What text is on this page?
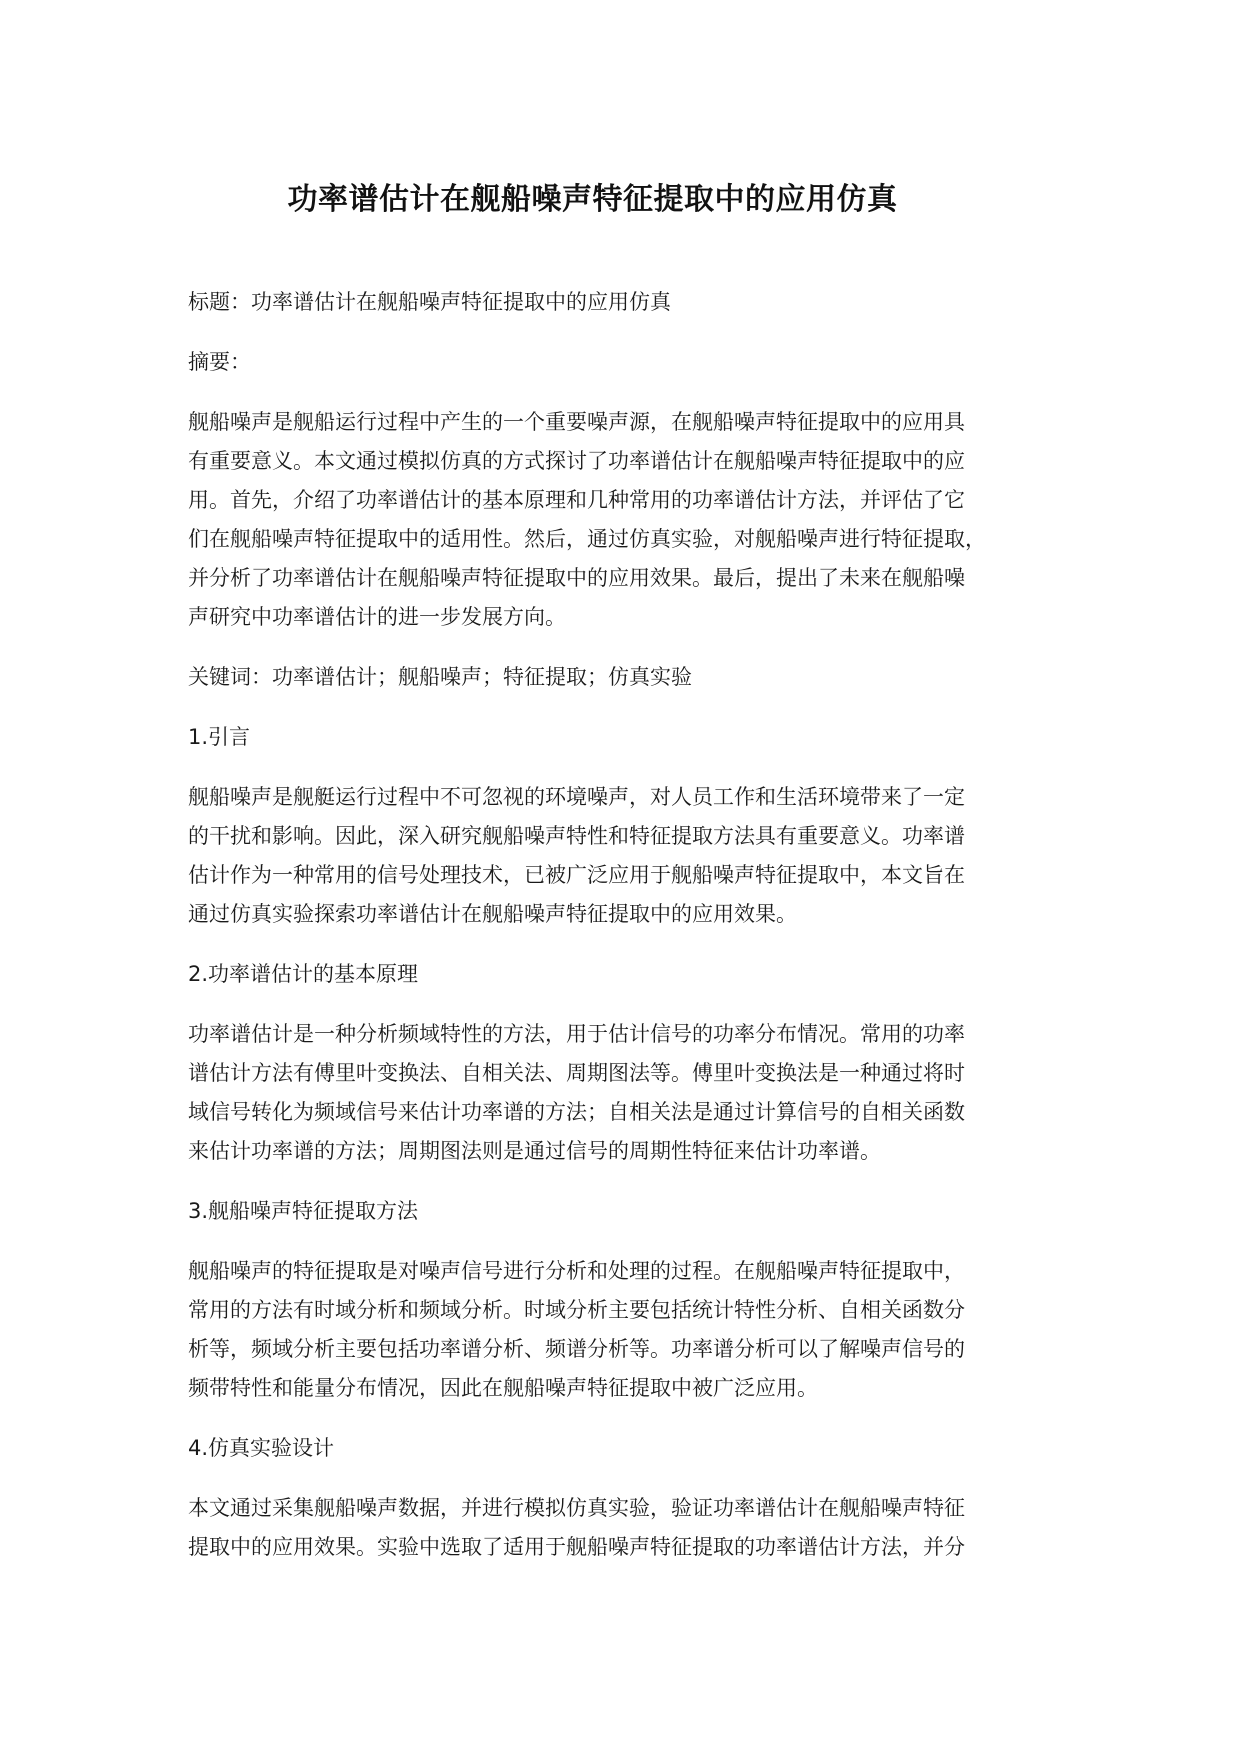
功率谱估计在舰船噪声特征提取中的应用仿真

标题：功率谱估计在舰船噪声特征提取中的应用仿真

摘要：

舰船噪声是舰船运行过程中产生的一个重要噪声源，在舰船噪声特征提取中的应用具
有重要意义。本文通过模拟仿真的方式探讨了功率谱估计在舰船噪声特征提取中的应
用。首先，介绍了功率谱估计的基本原理和几种常用的功率谱估计方法，并评估了它
们在舰船噪声特征提取中的适用性。然后，通过仿真实验，对舰船噪声进行特征提取，
并分析了功率谱估计在舰船噪声特征提取中的应用效果。最后，提出了未来在舰船噪
声研究中功率谱估计的进一步发展方向。

关键词：功率谱估计；舰船噪声；特征提取；仿真实验

1.引言

舰船噪声是舰艇运行过程中不可忽视的环境噪声，对人员工作和生活环境带来了一定
的干扰和影响。因此，深入研究舰船噪声特性和特征提取方法具有重要意义。功率谱
估计作为一种常用的信号处理技术，已被广泛应用于舰船噪声特征提取中，本文旨在
通过仿真实验探索功率谱估计在舰船噪声特征提取中的应用效果。

2.功率谱估计的基本原理

功率谱估计是一种分析频域特性的方法，用于估计信号的功率分布情况。常用的功率
谱估计方法有傅里叶变换法、自相关法、周期图法等。傅里叶变换法是一种通过将时
域信号转化为频域信号来估计功率谱的方法；自相关法是通过计算信号的自相关函数
来估计功率谱的方法；周期图法则是通过信号的周期性特征来估计功率谱。

3.舰船噪声特征提取方法

舰船噪声的特征提取是对噪声信号进行分析和处理的过程。在舰船噪声特征提取中，
常用的方法有时域分析和频域分析。时域分析主要包括统计特性分析、自相关函数分
析等，频域分析主要包括功率谱分析、频谱分析等。功率谱分析可以了解噪声信号的
频带特性和能量分布情况，因此在舰船噪声特征提取中被广泛应用。

4.仿真实验设计

本文通过采集舰船噪声数据，并进行模拟仿真实验，验证功率谱估计在舰船噪声特征
提取中的应用效果。实验中选取了适用于舰船噪声特征提取的功率谱估计方法，并分
